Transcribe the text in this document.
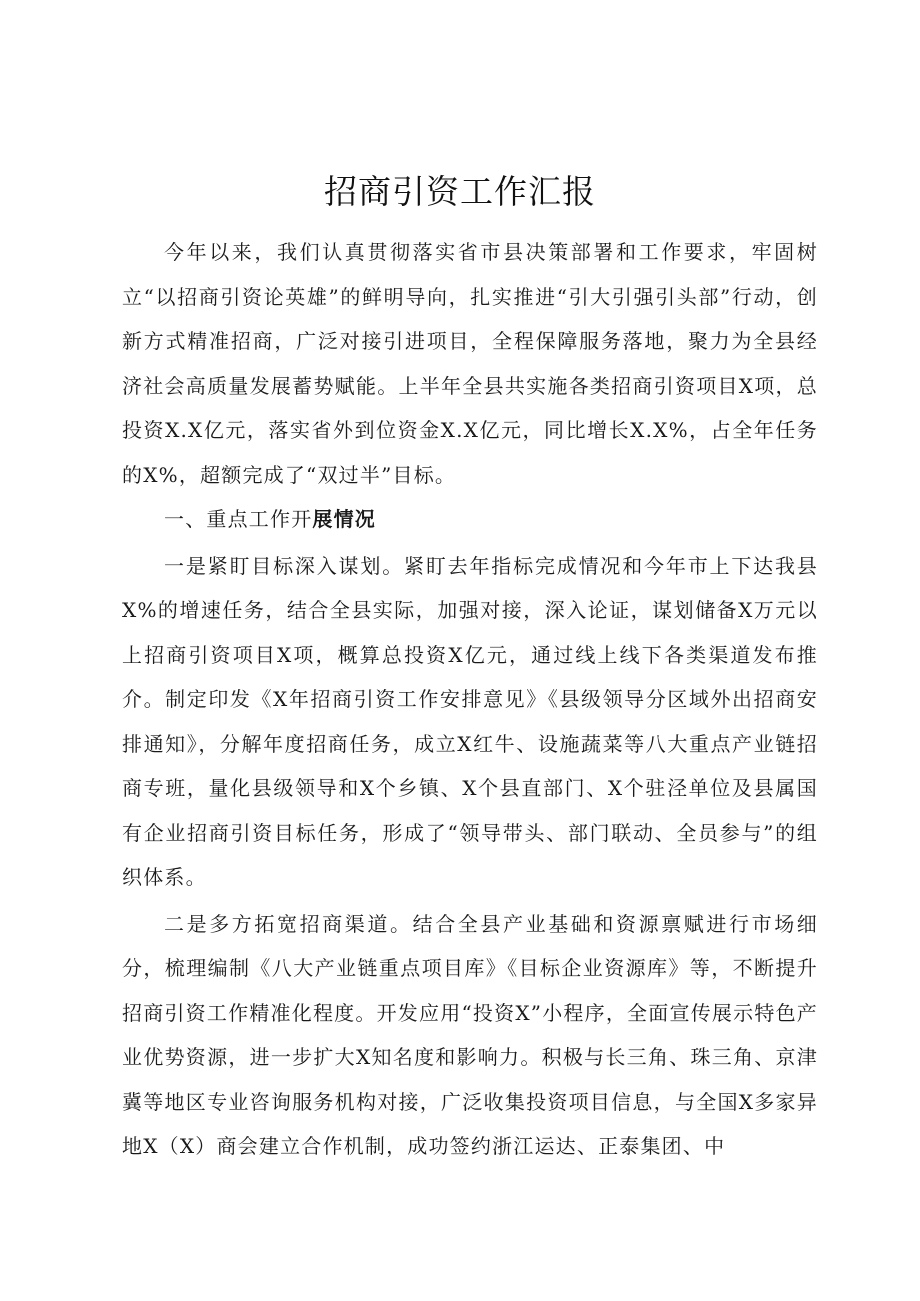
招商引资工作汇报

今年以来，我们认真贯彻落实省市县决策部署和工作要求，牢固树立“以招商引资论英雄”的鲜明导向，扎实推进“引大引强引头部”行动，创新方式精准招商，广泛对接引进项目，全程保障服务落地，聚力为全县经济社会高质量发展蓄势赋能。上半年全县共实施各类招商引资项目X项，总投资X.X亿元，落实省外到位资金X.X亿元，同比增长X.X%，占全年任务的X%，超额完成了“双过半”目标。

一、重点工作开展情况

一是紧盯目标深入谋划。紧盯去年指标完成情况和今年市上下达我县X%的增速任务，结合全县实际，加强对接，深入论证，谋划储备X万元以上招商引资项目X项，概算总投资X亿元，通过线上线下各类渠道发布推介。制定印发《X年招商引资工作安排意见》《县级领导分区域外出招商安排通知》，分解年度招商任务，成立X红牛、设施蔬菜等八大重点产业链招商专班，量化县级领导和X个乡镇、X个县直部门、X个驻泾单位及县属国有企业招商引资目标任务，形成了“领导带头、部门联动、全员参与”的组织体系。

二是多方拓宽招商渠道。结合全县产业基础和资源禀赋进行市场细分，梳理编制《八大产业链重点项目库》《目标企业资源库》等，不断提升招商引资工作精准化程度。开发应用“投资X”小程序，全面宣传展示特色产业优势资源，进一步扩大X知名度和影响力。积极与长三角、珠三角、京津冀等地区专业咨询服务机构对接，广泛收集投资项目信息，与全国X多家异地X（X）商会建立合作机制，成功签约浙江运达、正泰集团、中
